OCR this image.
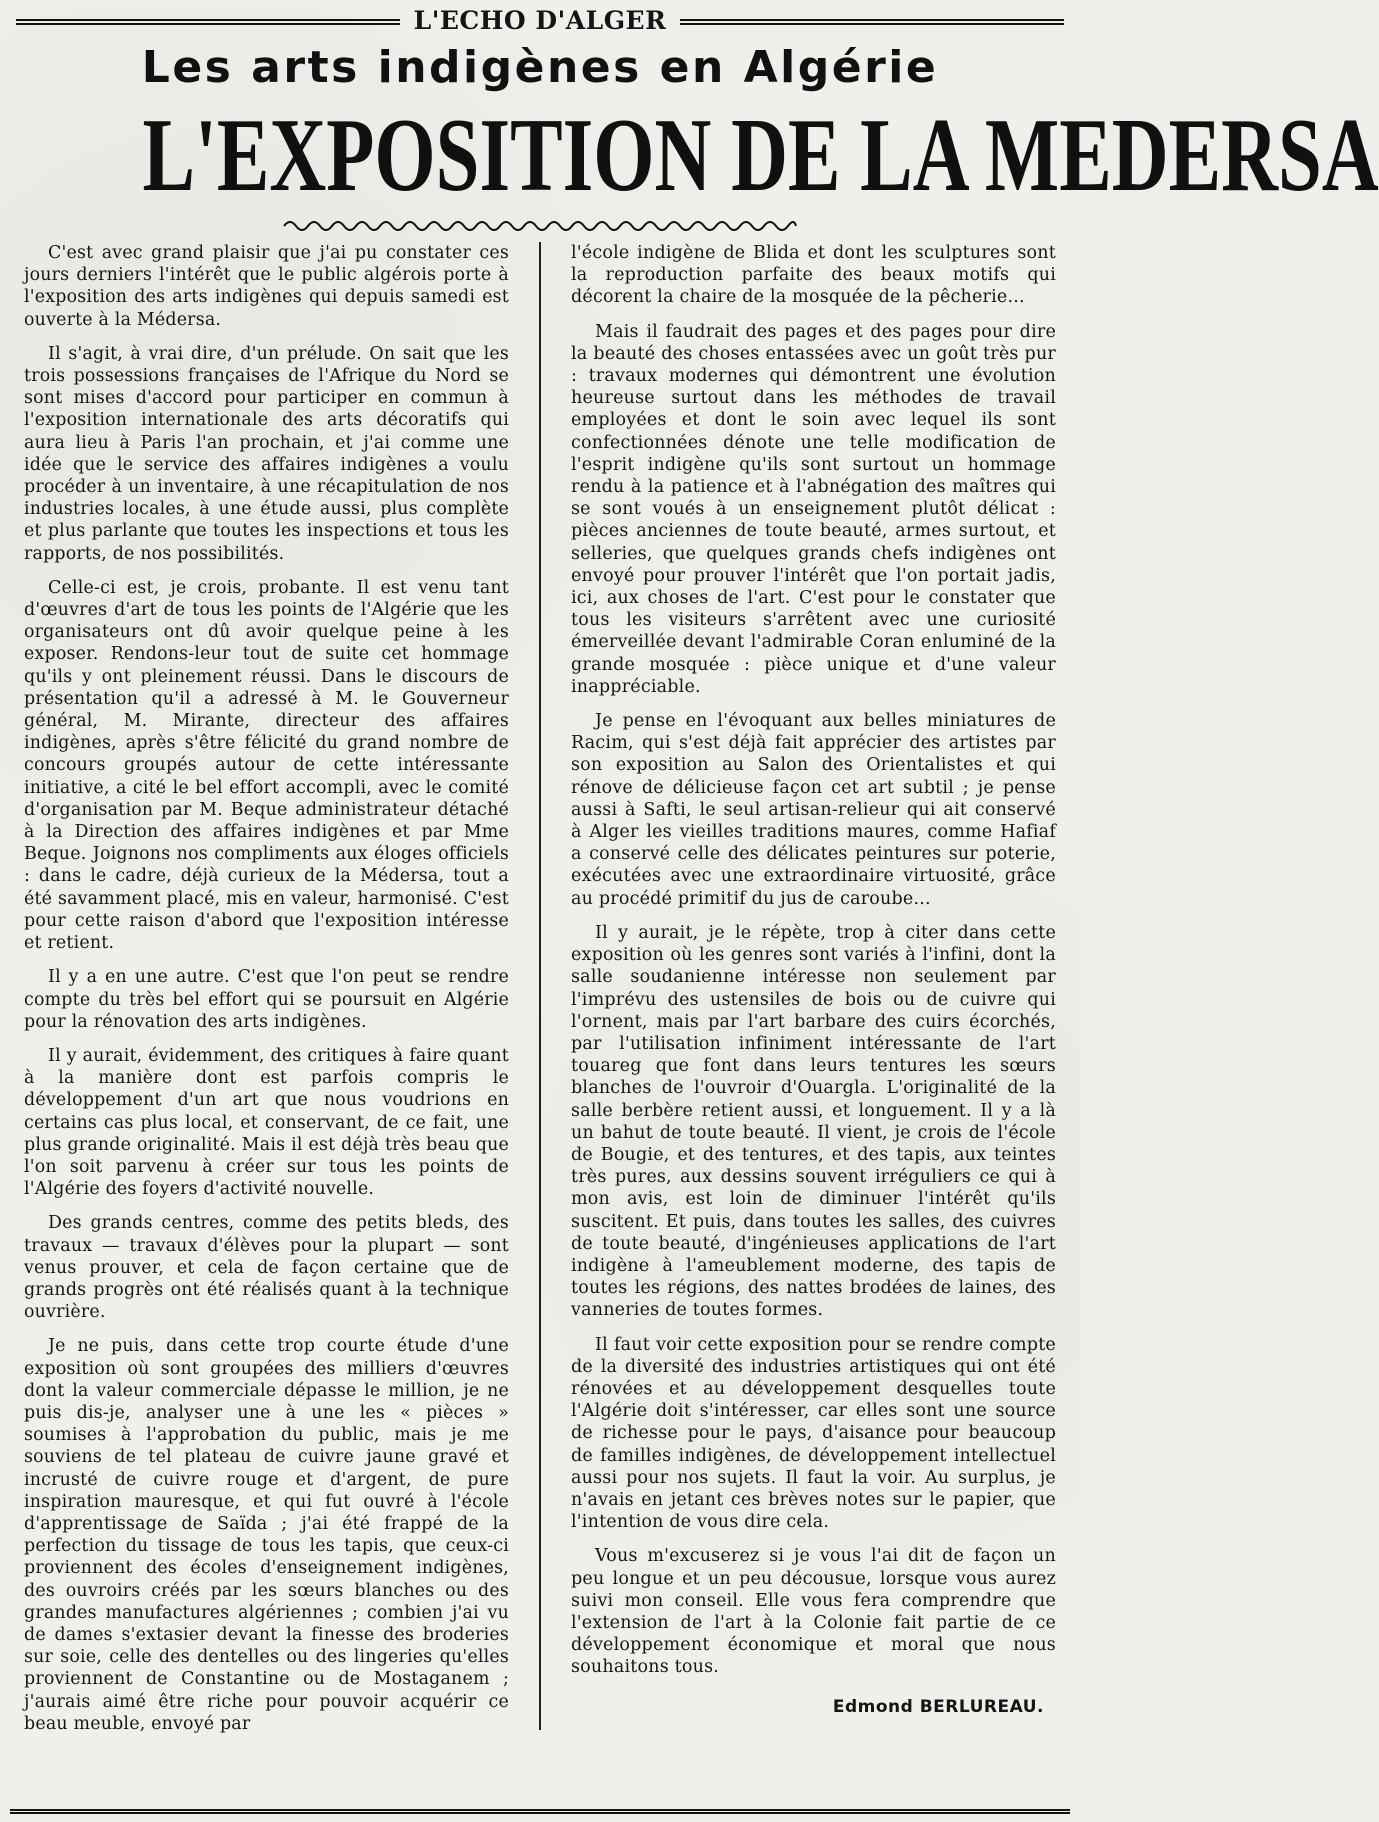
L'ECHO D'ALGER
Les arts indigènes en Algérie
L'EXPOSITION DE LA MEDERSA

C'est avec grand plaisir que j'ai pu constater ces jours derniers l'intérêt que le public algérois porte à l'exposition des arts indigènes qui depuis samedi est ouverte à la Médersa.

Il s'agit, à vrai dire, d'un prélude. On sait que les trois possessions françaises de l'Afrique du Nord se sont mises d'accord pour participer en commun à l'exposition internationale des arts décoratifs qui aura lieu à Paris l'an prochain, et j'ai comme une idée que le service des affaires indigènes a voulu procéder à un inventaire, à une récapitulation de nos industries locales, à une étude aussi, plus complète et plus parlante que toutes les inspections et tous les rapports, de nos possibilités.

Celle-ci est, je crois, probante. Il est venu tant d'œuvres d'art de tous les points de l'Algérie que les organisateurs ont dû avoir quelque peine à les exposer. Rendons-leur tout de suite cet hommage qu'ils y ont pleinement réussi. Dans le discours de présentation qu'il a adressé à M. le Gouverneur général, M. Mirante, directeur des affaires indigènes, après s'être félicité du grand nombre de concours groupés autour de cette intéressante initiative, a cité le bel effort accompli, avec le comité d'organisation par M. Beque administrateur détaché à la Direction des affaires indigènes et par Mme Beque. Joignons nos compliments aux éloges officiels : dans le cadre, déjà curieux de la Médersa, tout a été savamment placé, mis en valeur, harmonisé. C'est pour cette raison d'abord que l'exposition intéresse et retient.

Il y a en une autre. C'est que l'on peut se rendre compte du très bel effort qui se poursuit en Algérie pour la rénovation des arts indigènes.

Il y aurait, évidemment, des critiques à faire quant à la manière dont est parfois compris le développement d'un art que nous voudrions en certains cas plus local, et conservant, de ce fait, une plus grande originalité. Mais il est déjà très beau que l'on soit parvenu à créer sur tous les points de l'Algérie des foyers d'activité nouvelle.

Des grands centres, comme des petits bleds, des travaux — travaux d'élèves pour la plupart — sont venus prouver, et cela de façon certaine que de grands progrès ont été réalisés quant à la technique ouvrière.

Je ne puis, dans cette trop courte étude d'une exposition où sont groupées des milliers d'œuvres dont la valeur commerciale dépasse le million, je ne puis dis-je, analyser une à une les « pièces » soumises à l'approbation du public, mais je me souviens de tel plateau de cuivre jaune gravé et incrusté de cuivre rouge et d'argent, de pure inspiration mauresque, et qui fut ouvré à l'école d'apprentissage de Saïda ; j'ai été frappé de la perfection du tissage de tous les tapis, que ceux-ci proviennent des écoles d'enseignement indigènes, des ouvroirs créés par les sœurs blanches ou des grandes manufactures algériennes ; combien j'ai vu de dames s'extasier devant la finesse des broderies sur soie, celle des dentelles ou des lingeries qu'elles proviennent de Constantine ou de Mostaganem ; j'aurais aimé être riche pour pouvoir acquérir ce beau meuble, envoyé par

l'école indigène de Blida et dont les sculptures sont la reproduction parfaite des beaux motifs qui décorent la chaire de la mosquée de la pêcherie...

Mais il faudrait des pages et des pages pour dire la beauté des choses entassées avec un goût très pur : travaux modernes qui démontrent une évolution heureuse surtout dans les méthodes de travail employées et dont le soin avec lequel ils sont confectionnées dénote une telle modification de l'esprit indigène qu'ils sont surtout un hommage rendu à la patience et à l'abnégation des maîtres qui se sont voués à un enseignement plutôt délicat : pièces anciennes de toute beauté, armes surtout, et selleries, que quelques grands chefs indigènes ont envoyé pour prouver l'intérêt que l'on portait jadis, ici, aux choses de l'art. C'est pour le constater que tous les visiteurs s'arrêtent avec une curiosité émerveillée devant l'admirable Coran enluminé de la grande mosquée : pièce unique et d'une valeur inappréciable.

Je pense en l'évoquant aux belles miniatures de Racim, qui s'est déjà fait apprécier des artistes par son exposition au Salon des Orientalistes et qui rénove de délicieuse façon cet art subtil ; je pense aussi à Safti, le seul artisan-relieur qui ait conservé à Alger les vieilles traditions maures, comme Hafiaf a conservé celle des délicates peintures sur poterie, exécutées avec une extraordinaire virtuosité, grâce au procédé primitif du jus de caroube...

Il y aurait, je le répète, trop à citer dans cette exposition où les genres sont variés à l'infini, dont la salle soudanienne intéresse non seulement par l'imprévu des ustensiles de bois ou de cuivre qui l'ornent, mais par l'art barbare des cuirs écorchés, par l'utilisation infiniment intéressante de l'art touareg que font dans leurs tentures les sœurs blanches de l'ouvroir d'Ouargla. L'originalité de la salle berbère retient aussi, et longuement. Il y a là un bahut de toute beauté. Il vient, je crois de l'école de Bougie, et des tentures, et des tapis, aux teintes très pures, aux dessins souvent irréguliers ce qui à mon avis, est loin de diminuer l'intérêt qu'ils suscitent. Et puis, dans toutes les salles, des cuivres de toute beauté, d'ingénieuses applications de l'art indigène à l'ameublement moderne, des tapis de toutes les régions, des nattes brodées de laines, des vanneries de toutes formes.

Il faut voir cette exposition pour se rendre compte de la diversité des industries artistiques qui ont été rénovées et au développement desquelles toute l'Algérie doit s'intéresser, car elles sont une source de richesse pour le pays, d'aisance pour beaucoup de familles indigènes, de développement intellectuel aussi pour nos sujets. Il faut la voir. Au surplus, je n'avais en jetant ces brèves notes sur le papier, que l'intention de vous dire cela.

Vous m'excuserez si je vous l'ai dit de façon un peu longue et un peu décousue, lorsque vous aurez suivi mon conseil. Elle vous fera comprendre que l'extension de l'art à la Colonie fait partie de ce développement économique et moral que nous souhaitons tous.

Edmond BERLUREAU.
